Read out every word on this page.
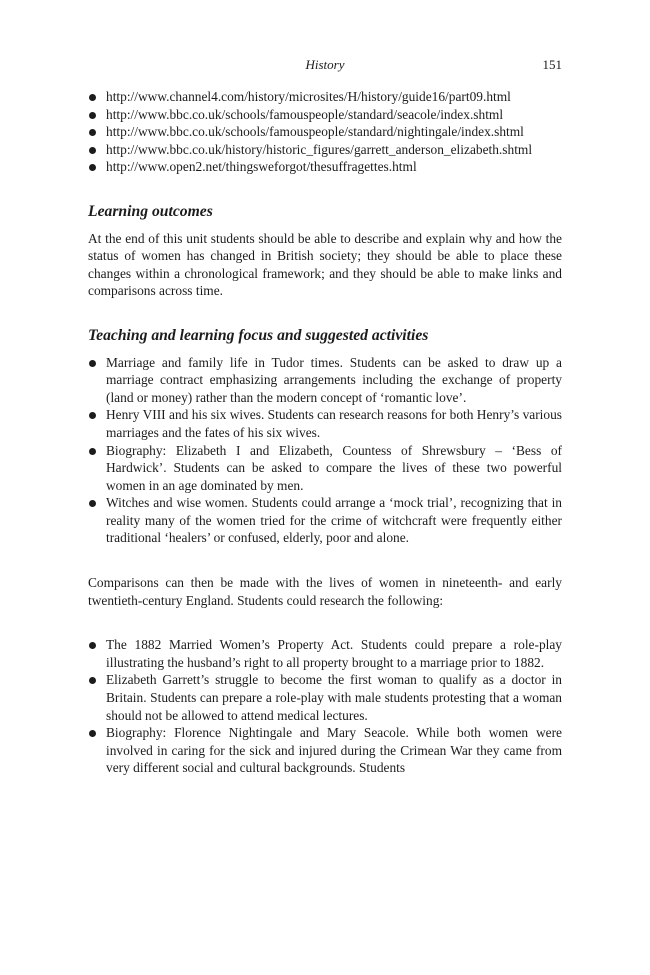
History	151
http://www.channel4.com/history/microsites/H/history/guide16/part09.html
http://www.bbc.co.uk/schools/famouspeople/standard/seacole/index.shtml
http://www.bbc.co.uk/schools/famouspeople/standard/nightingale/index.shtml
http://www.bbc.co.uk/history/historic_figures/garrett_anderson_elizabeth.shtml
http://www.open2.net/thingsweforgot/thesuffragettes.html
Learning outcomes

At the end of this unit students should be able to describe and explain why and how the status of women has changed in British society; they should be able to place these changes within a chronological framework; and they should be able to make links and comparisons across time.

Teaching and learning focus and suggested activities
Marriage and family life in Tudor times. Students can be asked to draw up a marriage contract emphasizing arrangements including the exchange of property (land or money) rather than the modern concept of ‘romantic love’.
Henry VIII and his six wives. Students can research reasons for both Henry’s various marriages and the fates of his six wives.
Biography: Elizabeth I and Elizabeth, Countess of Shrewsbury – ‘Bess of Hardwick’. Students can be asked to compare the lives of these two powerful women in an age dominated by men.
Witches and wise women. Students could arrange a ‘mock trial’, recognizing that in reality many of the women tried for the crime of witchcraft were frequently either traditional ‘healers’ or confused, elderly, poor and alone.

Comparisons can then be made with the lives of women in nineteenth- and early twentieth-century England. Students could research the following:

The 1882 Married Women’s Property Act. Students could prepare a role-play illustrating the husband’s right to all property brought to a marriage prior to 1882.
Elizabeth Garrett’s struggle to become the first woman to qualify as a doctor in Britain. Students can prepare a role-play with male students protesting that a woman should not be allowed to attend medical lectures.
Biography: Florence Nightingale and Mary Seacole. While both women were involved in caring for the sick and injured during the Crimean War they came from very different social and cultural backgrounds. Students
